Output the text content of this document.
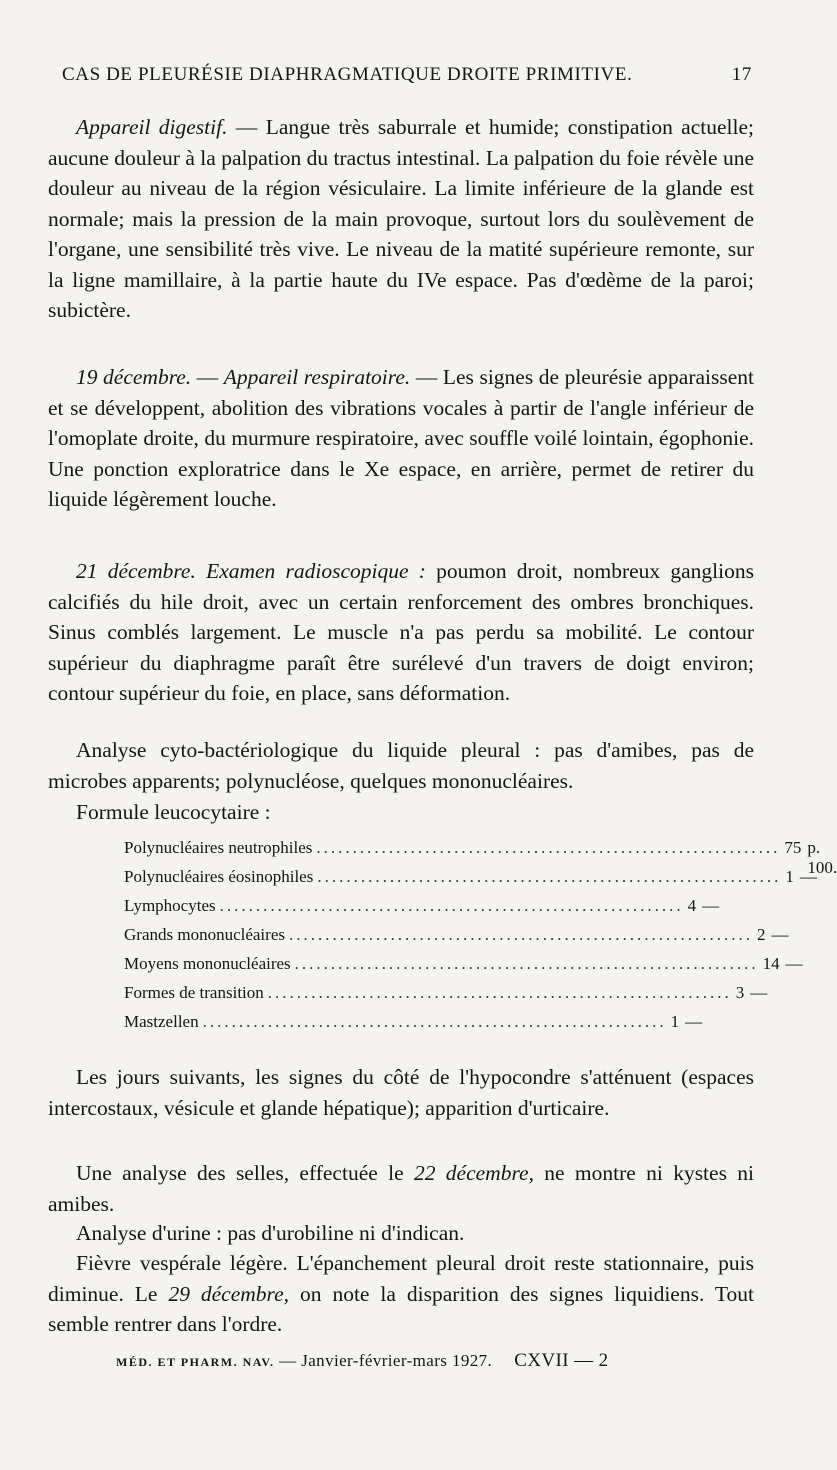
CAS DE PLEURÉSIE DIAPHRAGMATIQUE DROITE PRIMITIVE.	17
Appareil digestif. — Langue très saburrale et humide; constipation actuelle; aucune douleur à la palpation du tractus intestinal. La palpation du foie révèle une douleur au niveau de la région vésiculaire. La limite inférieure de la glande est normale; mais la pression de la main provoque, surtout lors du soulèvement de l'organe, une sensibilité très vive. Le niveau de la matité supérieure remonte, sur la ligne mamillaire, à la partie haute du IVe espace. Pas d'œdème de la paroi; subictère.
19 décembre. — Appareil respiratoire. — Les signes de pleurésie apparaissent et se développent, abolition des vibrations vocales à partir de l'angle inférieur de l'omoplate droite, du murmure respiratoire, avec souffle voilé lointain, égophonie. Une ponction exploratrice dans le Xe espace, en arrière, permet de retirer du liquide légèrement louche.
21 décembre. Examen radioscopique : poumon droit, nombreux ganglions calcifiés du hile droit, avec un certain renforcement des ombres bronchiques. Sinus comblés largement. Le muscle n'a pas perdu sa mobilité. Le contour supérieur du diaphragme paraît être surélevé d'un travers de doigt environ; contour supérieur du foie, en place, sans déformation.
Analyse cyto-bactériologique du liquide pleural : pas d'amibes, pas de microbes apparents; polynucléose, quelques mononucléaires.
Formule leucocytaire :
Polynucléaires neutrophiles ................................................................ 75 p. 100.
Polynucléaires éosinophiles ................................................................ 1 —
Lymphocytes ................................................................ 4 —
Grands mononucléaires ................................................................ 2 —
Moyens mononucléaires ................................................................ 14 —
Formes de transition ................................................................ 3 —
Mastzellen ................................................................ 1 —
Les jours suivants, les signes du côté de l'hypocondre s'atténuent (espaces intercostaux, vésicule et glande hépatique); apparition d'urticaire.
Une analyse des selles, effectuée le 22 décembre, ne montre ni kystes ni amibes.
Analyse d'urine : pas d'urobiline ni d'indican.
Fièvre vespérale légère. L'épanchement pleural droit reste stationnaire, puis diminue. Le 29 décembre, on note la disparition des signes liquidiens. Tout semble rentrer dans l'ordre.
MÉD. ET PHARM. NAV. — Janvier-février-mars 1927. CXVII — 2
